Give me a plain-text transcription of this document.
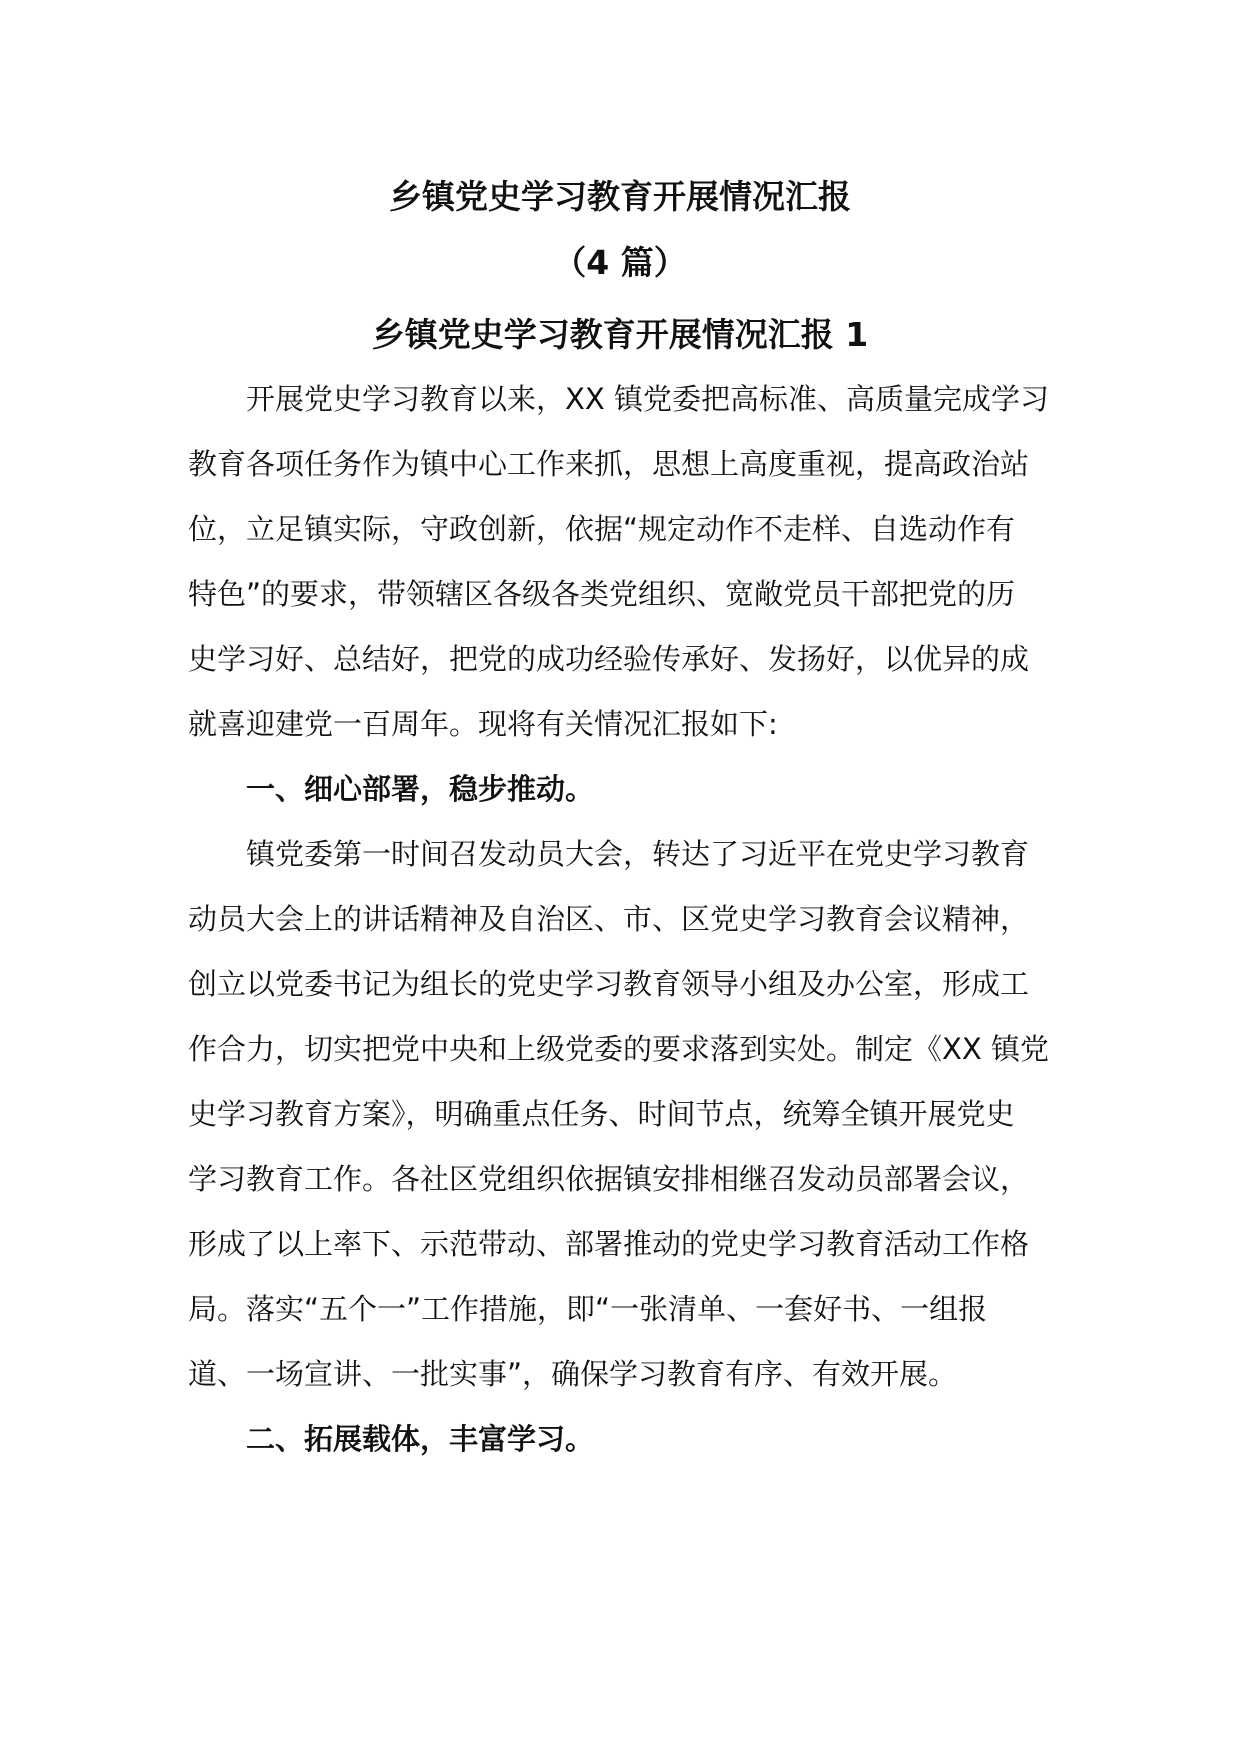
乡镇党史学习教育开展情况汇报
（4 篇）
乡镇党史学习教育开展情况汇报 1

开展党史学习教育以来，XX 镇党委把高标准、高质量完成学习
教育各项任务作为镇中心工作来抓，思想上高度重视，提高政治站
位，立足镇实际，守政创新，依据“规定动作不走样、自选动作有
特色”的要求，带领辖区各级各类党组织、宽敞党员干部把党的历
史学习好、总结好，把党的成功经验传承好、发扬好，以优异的成
就喜迎建党一百周年。现将有关情况汇报如下:

一、细心部署，稳步推动。

镇党委第一时间召发动员大会，转达了习近平在党史学习教育
动员大会上的讲话精神及自治区、市、区党史学习教育会议精神，
创立以党委书记为组长的党史学习教育领导小组及办公室，形成工
作合力，切实把党中央和上级党委的要求落到实处。制定《XX 镇党
史学习教育方案》，明确重点任务、时间节点，统筹全镇开展党史
学习教育工作。各社区党组织依据镇安排相继召发动员部署会议，
形成了以上率下、示范带动、部署推动的党史学习教育活动工作格
局。落实“五个一”工作措施，即“一张清单、一套好书、一组报
道、一场宣讲、一批实事”，确保学习教育有序、有效开展。

二、拓展载体，丰富学习。
